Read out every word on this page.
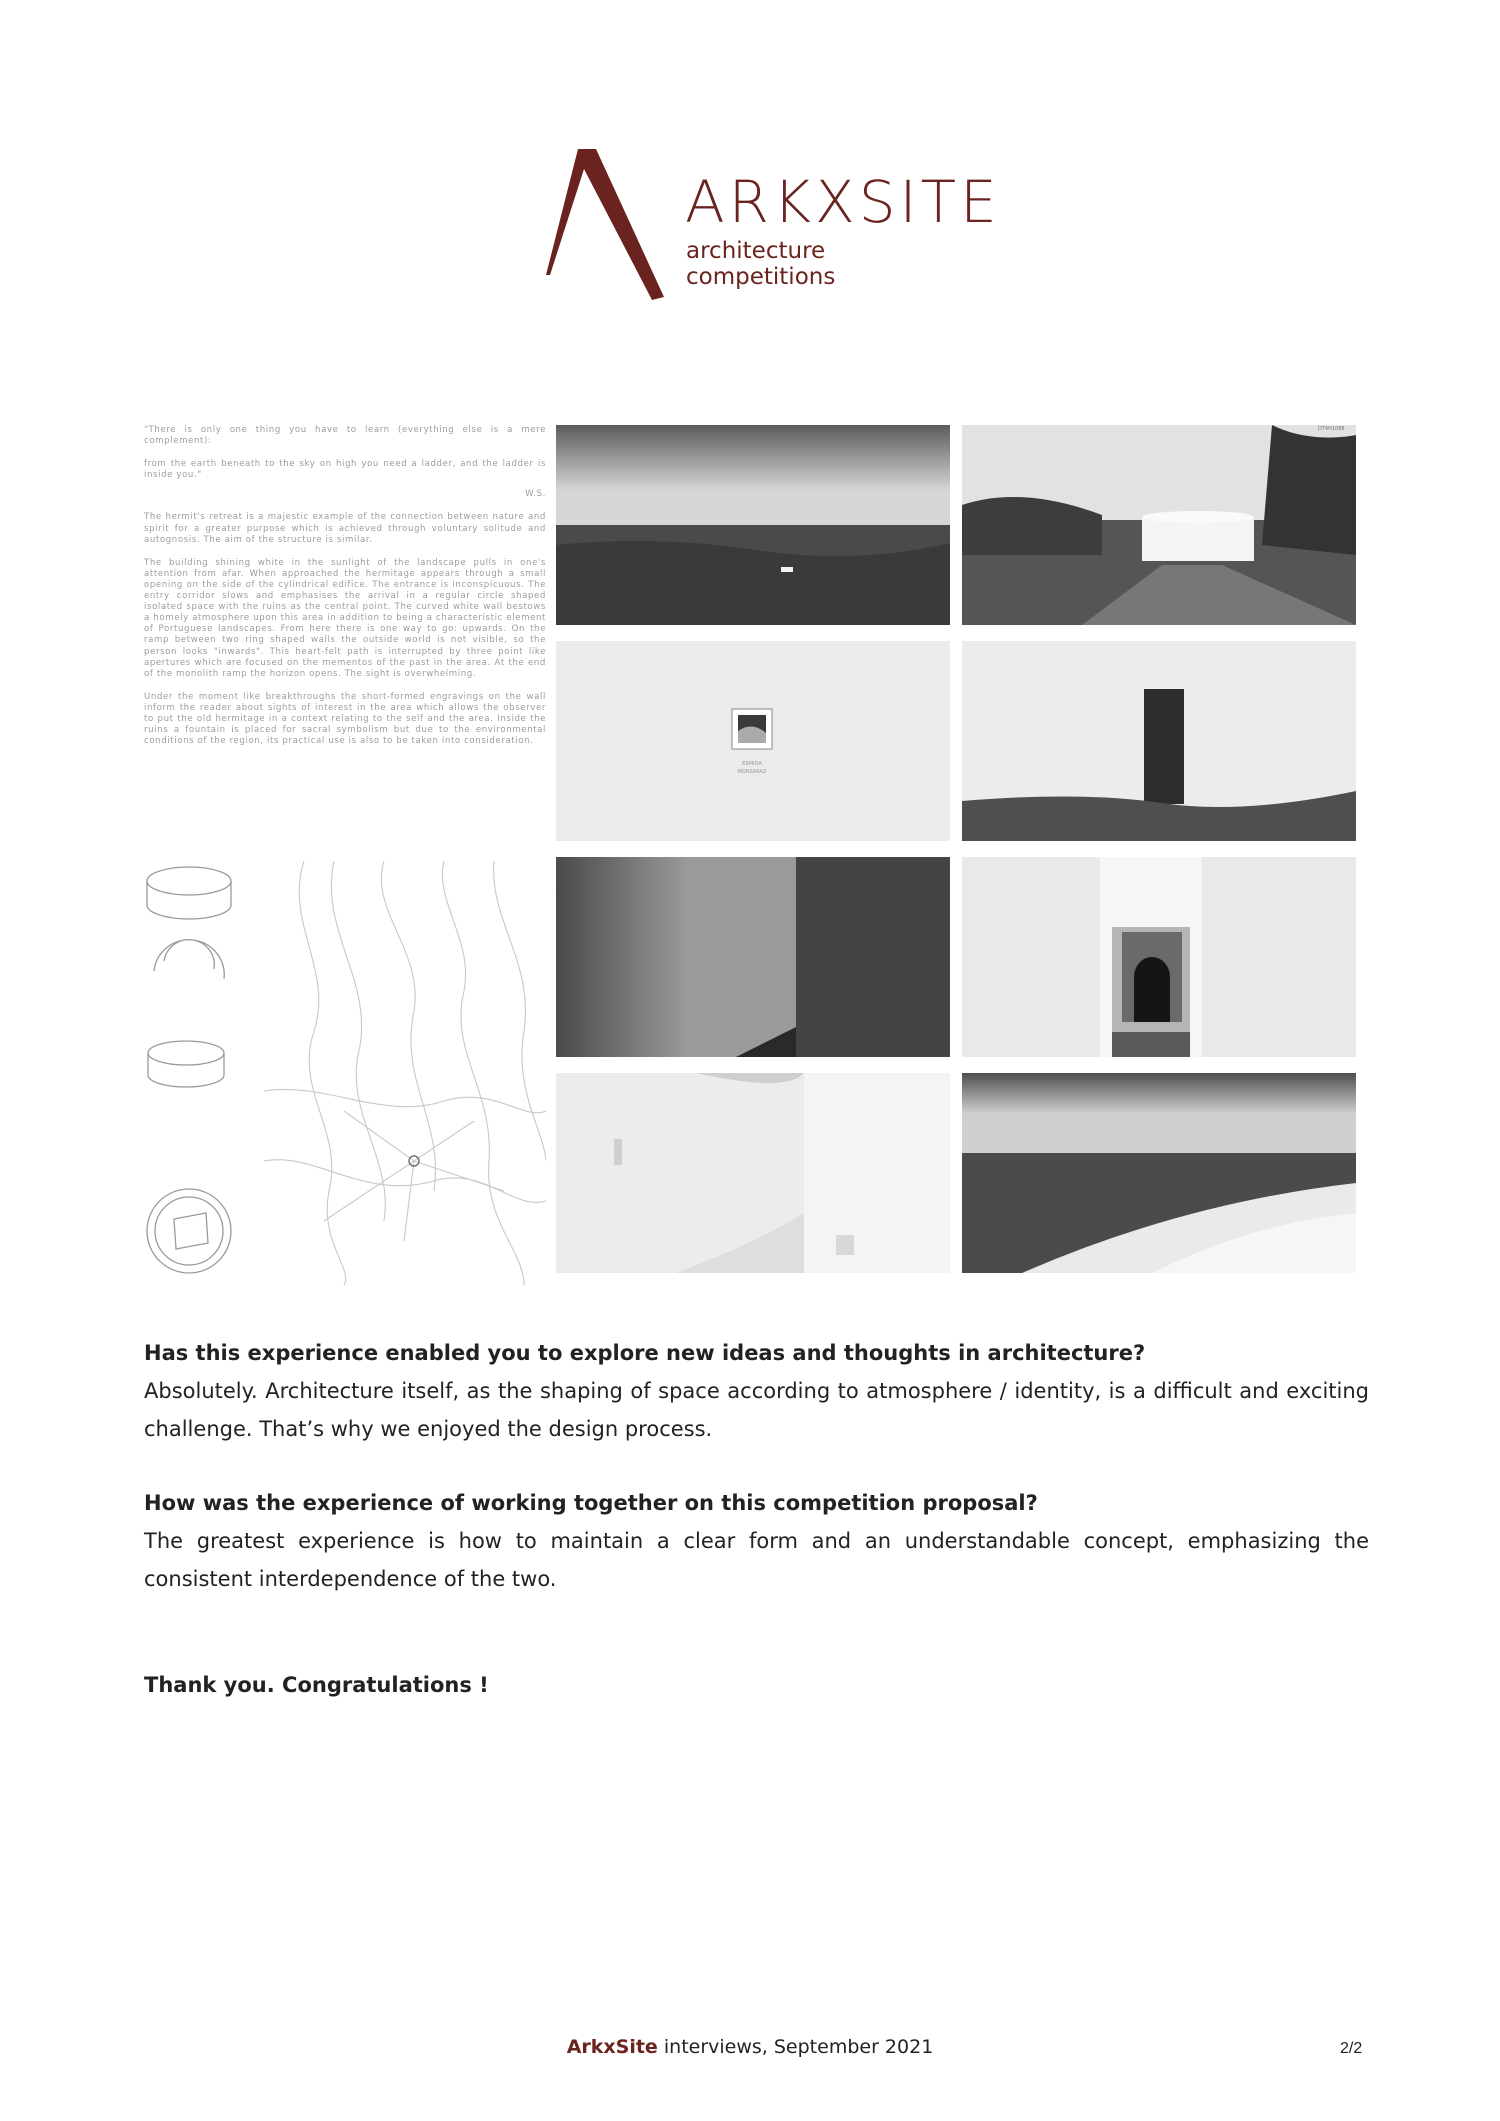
ARKXSITE
architecture competitions

"There is only one thing you have to learn (everything else is a mere complement):

from the earth beneath to the sky on high you need a ladder, and the ladder is inside you."

W.S.

The hermit's retreat is a majestic example of the connection between nature and spirit for a greater purpose which is achieved through voluntary solitude and autognosis. The aim of the structure is similar.

The building shining white in the sunlight of the landscape pulls in one's attention from afar. When approached the hermitage appears through a small opening on the side of the cylindrical edifice. The entrance is inconspicuous. The entry corridor slows and emphasises the arrival in a regular circle shaped isolated space with the ruins as the central point. The curved white wall bestows a homely atmosphere upon this area in addition to being a characteristic element of Portuguese landscapes. From here there is one way to go: upwards. On the ramp between two ring shaped walls the outside world is not visible, so the person looks "inwards". This heart-felt path is interrupted by three point like apertures which are focused on the mementos of the past in the area. At the end of the monolith ramp the horizon opens. The sight is overwhelming.

Under the moment like breakthroughs the short-formed engravings on the wall inform the reader about sights of interest in the area which allows the observer to put the old hermitage in a context relating to the self and the area. Inside the ruins a fountain is placed for sacral symbolism but due to the environmental conditions of the region, its practical use is also to be taken into consideration.

ERMIDA
MONSARAZ
DT4H1088
Has this experience enabled you to explore new ideas and thoughts in architecture?
Absolutely. Architecture itself, as the shaping of space according to atmosphere / identity, is a difficult and exciting challenge. That’s why we enjoyed the design process.
How was the experience of working together on this competition proposal?
The greatest experience is how to maintain a clear form and an understandable concept, emphasizing the consistent interdependence of the two.
Thank you. Congratulations !
ArkxSite interviews, September 2021	2/2
